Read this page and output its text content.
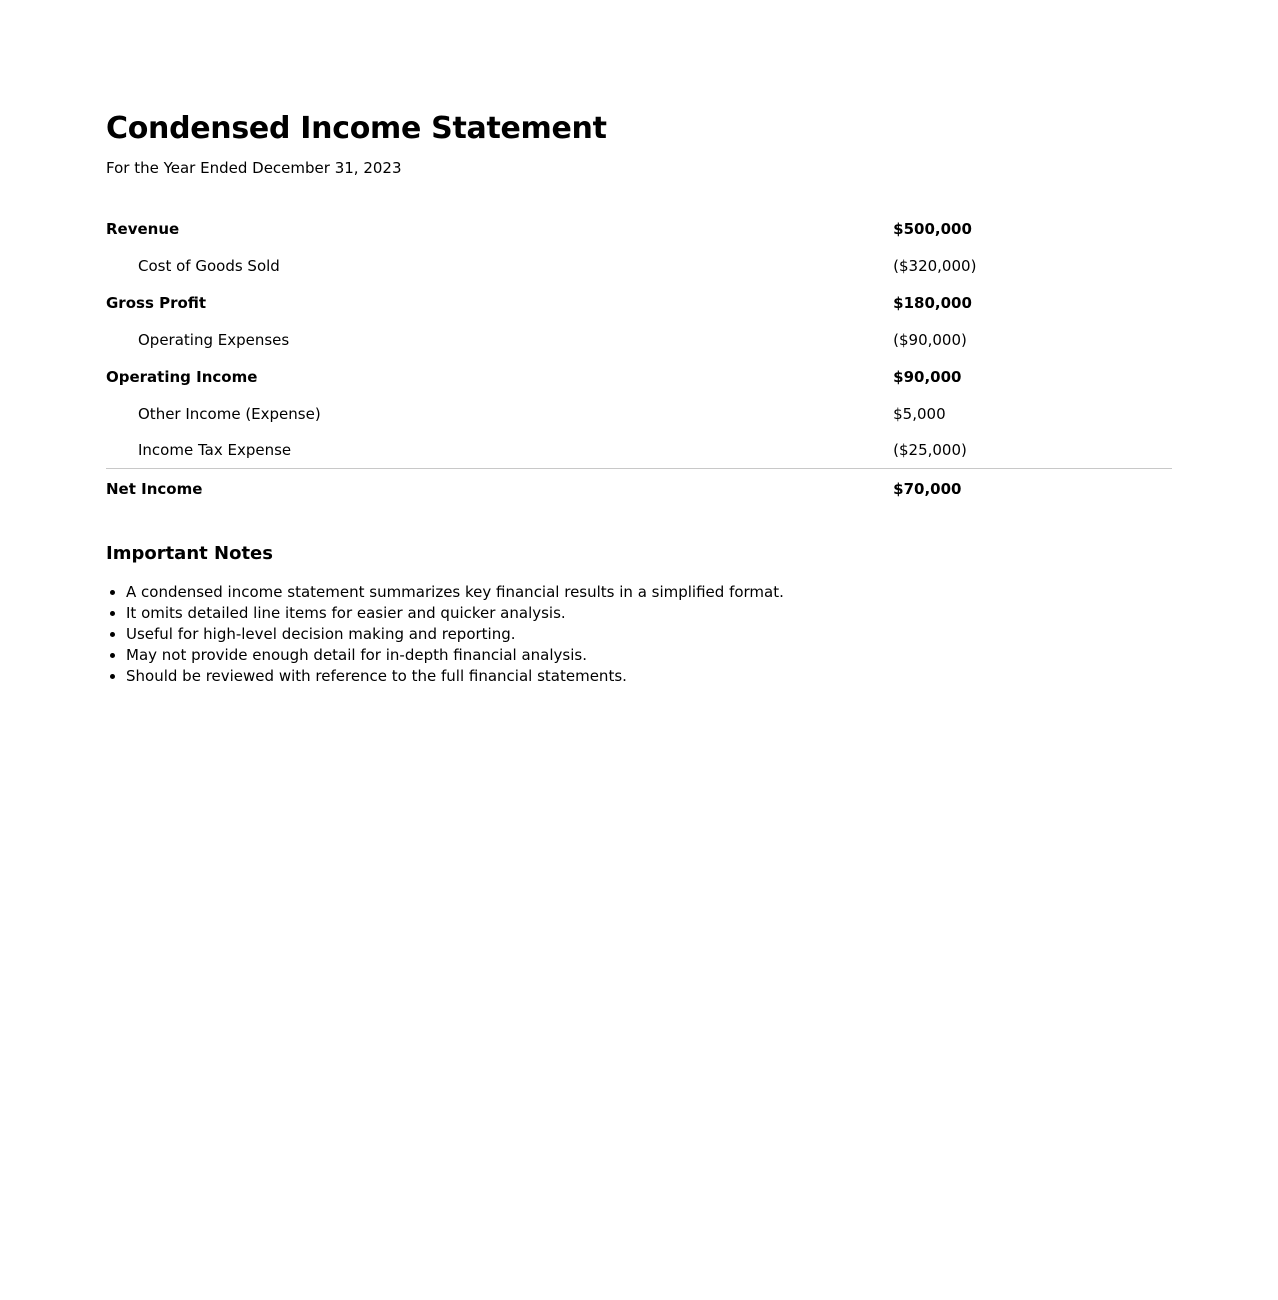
Condensed Income Statement

For the Year Ended December 31, 2023

Revenue	$500,000
Cost of Goods Sold	($320,000)
Gross Profit	$180,000
Operating Expenses	($90,000)
Operating Income	$90,000
Other Income (Expense)	$5,000
Income Tax Expense	($25,000)
Net Income	$70,000
Important Notes
• A condensed income statement summarizes key financial results in a simplified format.
• It omits detailed line items for easier and quicker analysis.
• Useful for high-level decision making and reporting.
• May not provide enough detail for in-depth financial analysis.
• Should be reviewed with reference to the full financial statements.
